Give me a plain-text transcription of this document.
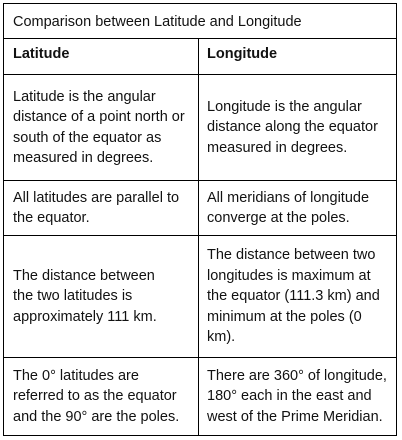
Comparison between Latitude and Longitude
Latitude	Longitude
Latitude is the angular
distance of a point north or
south of the equator as
measured in degrees.
Longitude is the angular
distance along the equator
measured in degrees.
All latitudes are parallel to
the equator.
All meridians of longitude
converge at the poles.
The distance between
the two latitudes is
approximately 111 km.
The distance between two
longitudes is maximum at
the equator (111.3 km) and
minimum at the poles (0
km).
The 0° latitudes are
referred to as the equator
and the 90° are the poles.
There are 360° of longitude,
180° each in the east and
west of the Prime Meridian.
